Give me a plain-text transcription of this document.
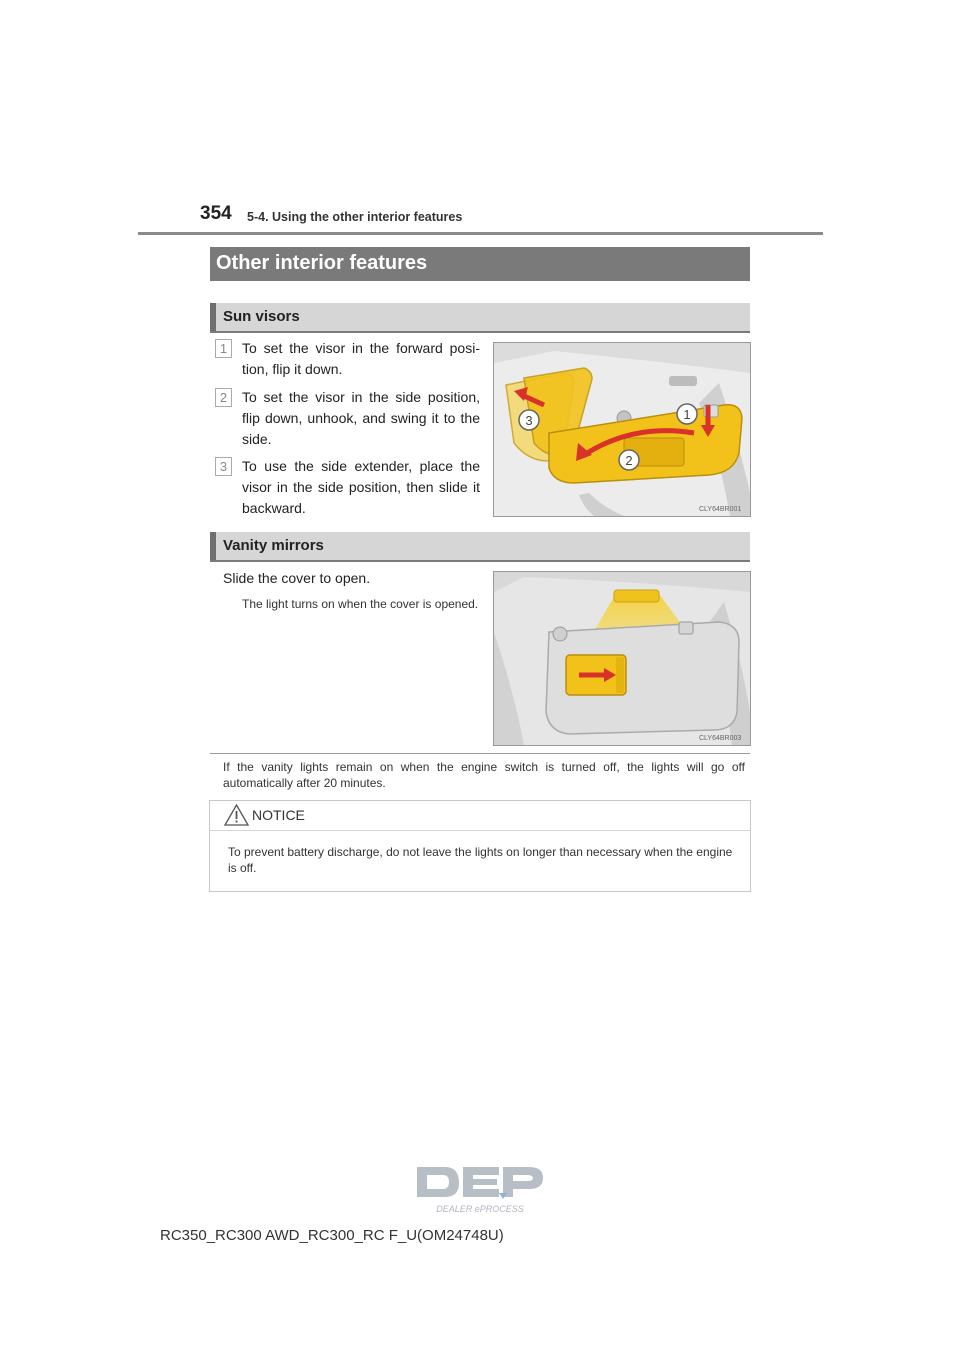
354 5-4. Using the other interior features
Other interior features
Sun visors
1	To set the visor in the forward posi-tion, flip it down.
2	To set the visor in the side position, flip down, unhook, and swing it to the side.
3	To use the side extender, place the visor in the side position, then slide it backward.
1
2
3
CLY64BR001
Vanity mirrors
Slide the cover to open.
The light turns on when the cover is opened.
CLY64BR003
If the vanity lights remain on when the engine switch is turned off, the lights will go off automatically after 20 minutes.
NOTICE
To prevent battery discharge, do not leave the lights on longer than necessary when the engine is off.
DEALER ePROCESS
RC350_RC300 AWD_RC300_RC F_U(OM24748U)
